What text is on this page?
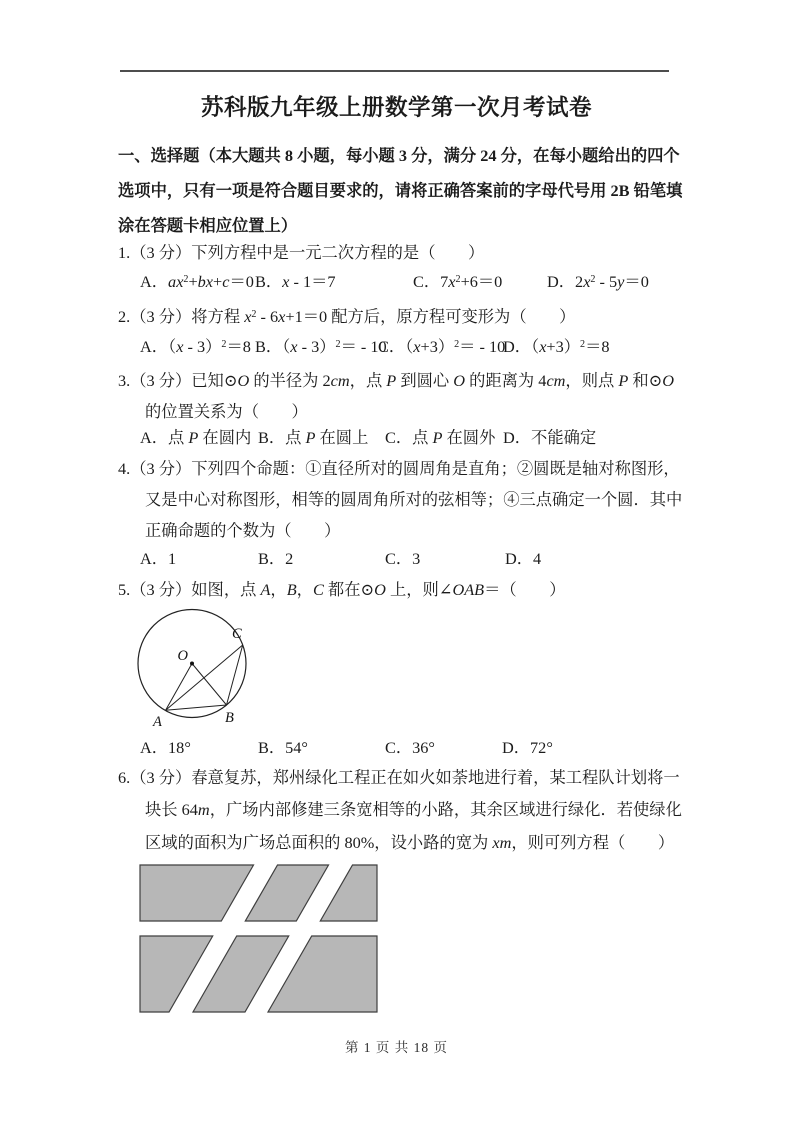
苏科版九年级上册数学第一次月考试卷
一、选择题（本大题共 8 小题，每小题 3 分，满分 24 分，在每小题给出的四个
选项中，只有一项是符合题目要求的，请将正确答案前的字母代号用 2B 铅笔填
涂在答题卡相应位置上）
1.（3 分）下列方程中是一元二次方程的是（　　）
A．$ax^2+bx+c=0$ B．x - 1＝7	C．$7x^2+6=0$	D．$2x^2 - 5y=0$
2.（3 分）将方程 $x^2 - 6x+1=0$ 配方后，原方程可变形为（　　）
A．（x - 3）$^2$＝8 B．（x - 3）$^2$＝ - 10
C．$(x+3)^2= - 10$
D．$(x+3)^2=8$
3.（3 分）已知⊙O 的半径为 2cm，点 P 到圆心 O 的距离为 4cm，则点 P 和⊙O
的位置关系为（　　）
A．点 P 在圆内 B．点 P 在圆上 C．点 P 在圆外 D．不能确定
4.（3 分）下列四个命题：①直径所对的圆周角是直角；②圆既是轴对称图形，
又是中心对称图形，相等的圆周角所对的弦相等；④三点确定一个圆．其中
正确命题的个数为（　　）
A．1	B．2	C．3	D．4
5.（3 分）如图，点 A，B，C 都在⊙O 上，则∠OAB＝（　　）
O
A	B
C
A．18°	B．54°	C．36°	D．72°
6.（3 分）春意复苏，郑州绿化工程正在如火如荼地进行着，某工程队计划将一
块长 64m，广场内部修建三条宽相等的小路，其余区域进行绿化．若使绿化
区域的面积为广场总面积的 80%，设小路的宽为 xm，则可列方程（　　）
第 1 页 共 18 页
